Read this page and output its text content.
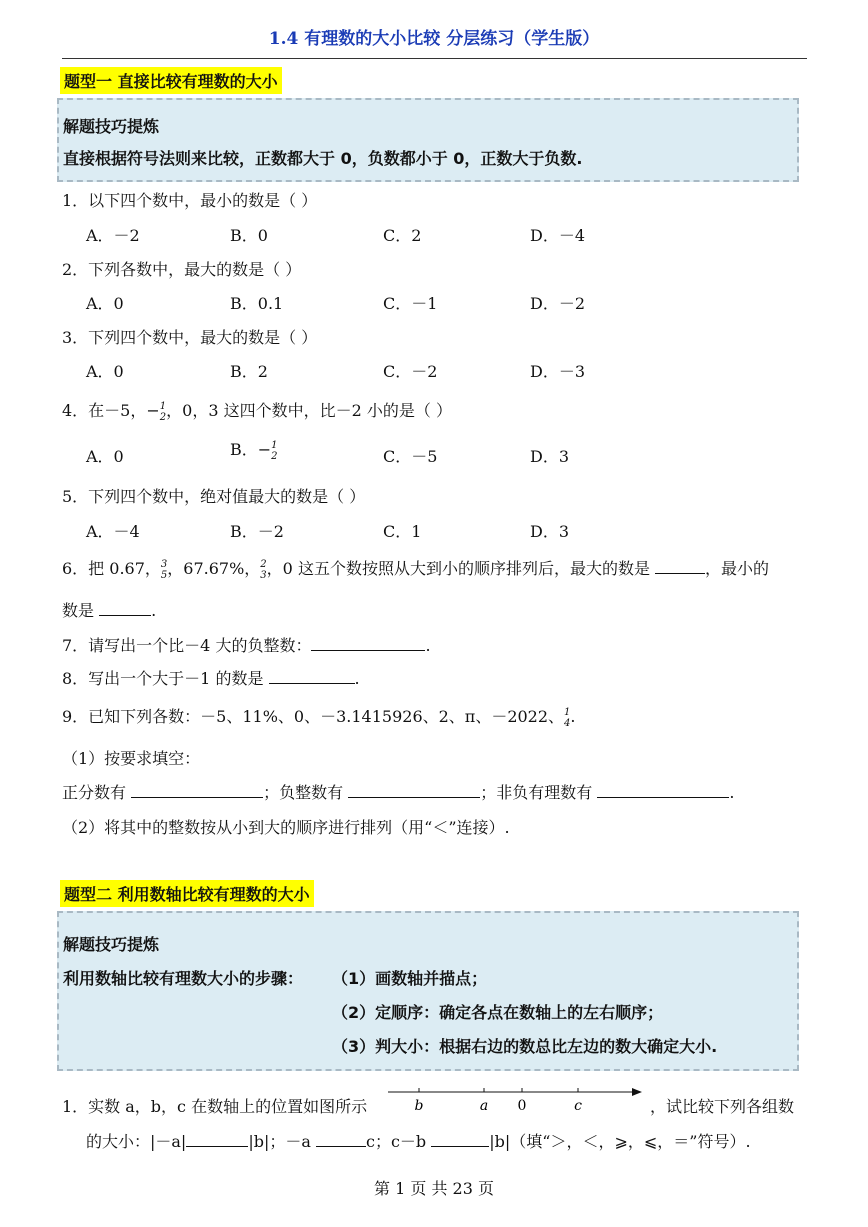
1.4 有理数的大小比较 分层练习（学生版）
题型一 直接比较有理数的大小
解题技巧提炼
直接根据符号法则来比较，正数都大于 0，负数都小于 0，正数大于负数.
1．以下四个数中，最小的数是（ ）
A．－2	B．0	C．2	D．－4
2．下列各数中，最大的数是（ ）
A．0	B．0.1	C．－1	D．－2
3．下列四个数中，最大的数是（ ）
A．0	B．2	C．－2	D．－3
4．在－5，− 1
2 ，0，3 这四个数中，比－2 小的是（ ）
A．0	B．− 1
2	C．－5	D．3
5．下列四个数中，绝对值最大的数是（ ）
A．－4	B．－2	C．1	D．3
6．把 0.67， 3
5 ，67.67%， 2
3 ，0 这五个数按照从大到小的顺序排列后，最大的数是	，最小的
数是	.
7．请写出一个比－4 大的负整数：	.
8．写出一个大于－1 的数是	.
9．已知下列各数：－5、11%、0、－3.1415926、2、π、－2022、 1
4 .
（1）按要求填空：
正分数有	；负整数有	；非负有理数有	.
（2）将其中的整数按从小到大的顺序进行排列（用“＜”连接）.
题型二 利用数轴比较有理数的大小
解题技巧提炼
利用数轴比较有理数大小的步骤： （1）画数轴并描点；
（2）定顺序：确定各点在数轴上的左右顺序；
（3）判大小：根据右边的数总比左边的数大确定大小.
1．实数 a，b，c 在数轴上的位置如图所示	b	a 0	c	，试比较下列各组数
的大小：|－a|	|b|；－a	c；c－b	|b|（填“＞，＜，⩾，⩽，＝”符号）.
第 1 页 共 23 页
